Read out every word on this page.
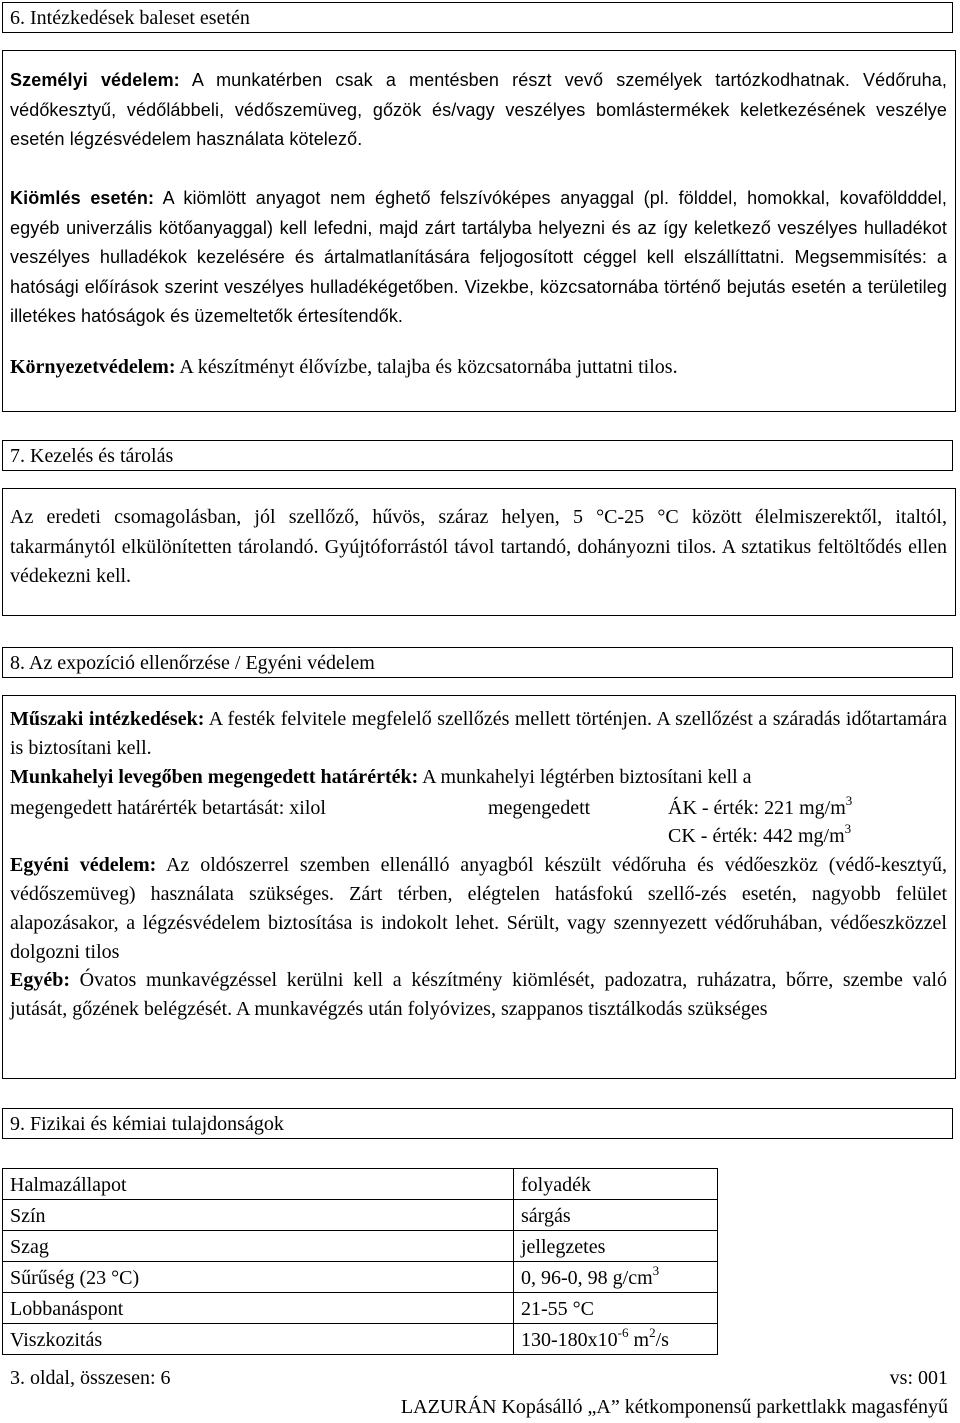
6. Intézkedések baleset esetén
Személyi védelem: A munkatérben csak a mentésben részt vevő személyek tartózkodhatnak. Védőruha, védőkesztyű, védőlábbeli, védőszemüveg, gőzök és/vagy veszélyes bomlástermékek keletkezésének veszélye esetén légzésvédelem használata kötelező.
Kiömlés esetén: A kiömlött anyagot nem éghető felszívóképes anyaggal (pl. földdel, homokkal, kovaföldddel, egyéb univerzális kötőanyaggal) kell lefedni, majd zárt tartályba helyezni és az így keletkező veszélyes hulladékot veszélyes hulladékok kezelésére és ártalmatlanítására feljogosított céggel kell elszállíttatni. Megsemmisítés: a hatósági előírások szerint veszélyes hulladékégetőben. Vizekbe, közcsatornába történő bejutás esetén a területileg illetékes hatóságok és üzemeltetők értesítendők.
Környezetvédelem: A készítményt élővízbe, talajba és közcsatornába juttatni tilos.
7. Kezelés és tárolás
Az eredeti csomagolásban, jól szellőző, hűvös, száraz helyen, 5 °C-25 °C között élelmiszerektől, italtól, takarmánytól elkülönítetten tárolandó. Gyújtóforrástól távol tartandó, dohányozni tilos. A sztatikus feltöltődés ellen védekezni kell.
8. Az expozíció ellenőrzése / Egyéni védelem
Műszaki intézkedések: A festék felvitele megfelelő szellőzés mellett történjen. A szellőzést a száradás időtartamára is biztosítani kell.
Munkahelyi levegőben megengedett határérték: A munkahelyi légtérben biztosítani kell a
megengedett határérték betartását: xilol	megengedett	ÁK - érték: 221 $mg/m^3$
CK - érték: 442 $mg/m^3$
Egyéni védelem: Az oldószerrel szemben ellenálló anyagból készült védőruha és védőeszköz (védő-kesztyű, védőszemüveg) használata szükséges. Zárt térben, elégtelen hatásfokú szellő-zés esetén, nagyobb felület alapozásakor, a légzésvédelem biztosítása is indokolt lehet. Sérült, vagy szennyezett védőruhában, védőeszközzel dolgozni tilos
Egyéb: Óvatos munkavégzéssel kerülni kell a készítmény kiömlését, padozatra, ruházatra, bőrre, szembe való jutását, gőzének belégzését. A munkavégzés után folyóvizes, szappanos tisztálkodás szükséges
9. Fizikai és kémiai tulajdonságok
Halmazállapot	folyadék
Szín	sárgás
Szag	jellegzetes
Sűrűség (23 °C)	0, 96-0, 98 $g/cm^3$
Lobbanáspont	21-55 °C
Viszkozitás	$130-180x10^{-6}$ $m^2/s$
3. oldal, összesen: 6	vs: 001
LAZURÁN Kopásálló „A” kétkomponensű parkettlakk magasfényű
